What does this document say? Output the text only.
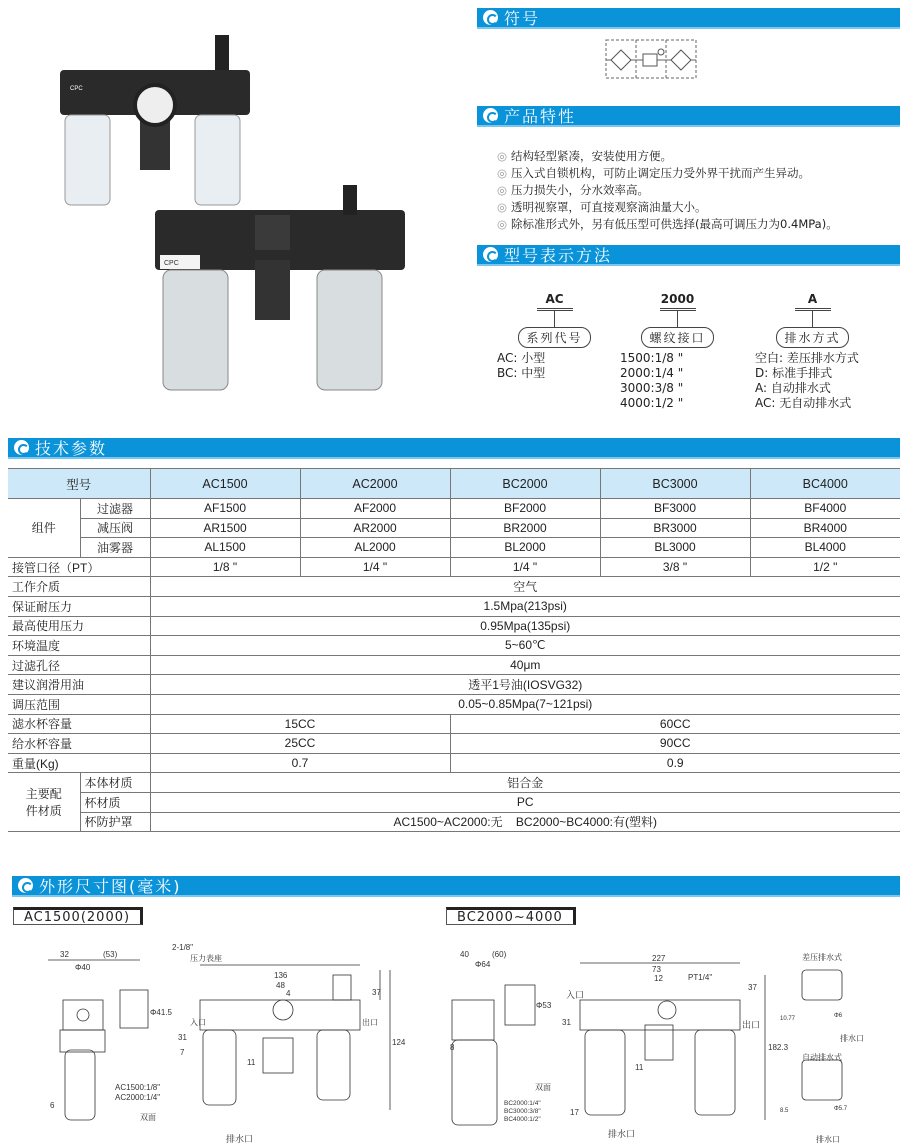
CPC
CPC
符号
产品特性
◎ 结构轻型紧凑，安装使用方便。
◎ 压入式自锁机构，可防止调定压力受外界干扰而产生异动。
◎ 压力损失小，分水效率高。
◎ 透明视察罩，可直接观察滴油量大小。
◎ 除标准形式外，另有低压型可供选择(最高可调压力为0.4MPa)。
型号表示方法
AC
系列代号
AC: 小型
BC: 中型
2000
螺纹接口
1500:1/8 "
2000:1/4 "
3000:3/8 "
4000:1/2 "
A
排水方式
空白: 差压排水方式
D: 标准手排式
A: 自动排水式
AC: 无自动排水式
技术参数
型号		AC1500	AC2000	BC2000	BC3000	BC4000
组件	过滤器	AF1500	AF2000	BF2000	BF3000	BF4000
	减压阀	AR1500	AR2000	BR2000	BR3000	BR4000
	油雾器	AL1500	AL2000	BL2000	BL3000	BL4000
接管口径（PT）		1/8 "	1/4 "	1/4 "	3/8 "	1/2 "
工作介质		空气				
保证耐压力		1.5Mpa(213psi)				
最高使用压力		0.95Mpa(135psi)				
环境温度		5~60℃				
过滤孔径		40μm				
建议润滑用油		透平1号油(IOSVG32)				
调压范围		0.05~0.85Mpa(7~121psi)				
滤水杯容量		15CC		60CC		
给水杯容量		25CC		90CC		
重量(Kg)		0.7		0.9		
主要配件材质	本体材质	铝合金				
	杯材质	PC				
	杯防护罩	AC1500~AC2000:无    BC2000~BC4000:有(塑料)				
外形尺寸图(毫米)
AC1500(2000)	BC2000~4000
32	(53)
Φ40
Φ41.5
6
AC1500:1/8"
AC2000:1/4"
双面
2-1/8"
压力表座
136
48
4	37
31
7
11
124
入口	出口
排水口
40	(60)
Φ64
Φ53
8
BC2000:1/4"
BC3000:3/8"
BC4000:1/2"
双面
227
73
12	PT1/4"
37
31
11
182.3
17
入口
出口
排水口
差压排水式
自动排水式
10.77	Φ6
排水口
8.5	Φ5.7
排水口
